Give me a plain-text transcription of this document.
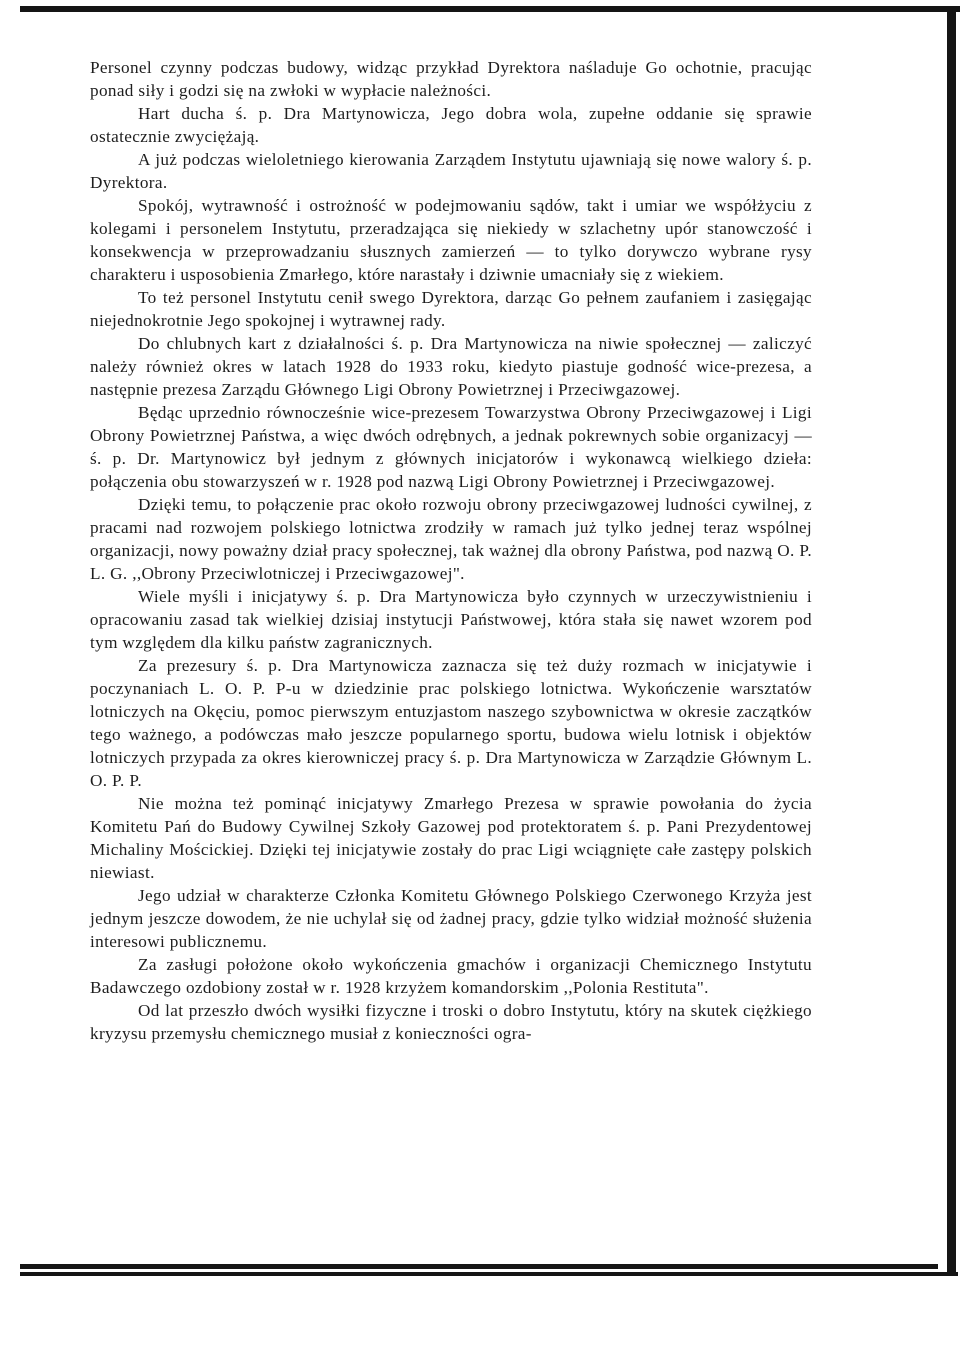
Personel czynny podczas budowy, widząc przykład Dyrektora naśladuje Go ochotnie, pracując ponad siły i godzi się na zwłoki w wypłacie należności.

Hart ducha ś. p. Dra Martynowicza, Jego dobra wola, zupełne oddanie się sprawie ostatecznie zwyciężają.

A już podczas wieloletniego kierowania Zarządem Instytutu ujawniają się nowe walory ś. p. Dyrektora.

Spokój, wytrawność i ostrożność w podejmowaniu sądów, takt i umiar we współżyciu z kolegami i personelem Instytutu, przeradzająca się niekiedy w szlachetny upór stanowczość i konsekwencja w przeprowadzaniu słusznych zamierzeń — to tylko dorywczo wybrane rysy charakteru i usposobienia Zmarłego, które narastały i dziwnie umacniały się z wiekiem.

To też personel Instytutu cenił swego Dyrektora, darząc Go pełnem zaufaniem i zasięgając niejednokrotnie Jego spokojnej i wytrawnej rady.

Do chlubnych kart z działalności ś. p. Dra Martynowicza na niwie społecznej — zaliczyć należy również okres w latach 1928 do 1933 roku, kiedyto piastuje godność wice-prezesa, a następnie prezesa Zarządu Głównego Ligi Obrony Powietrznej i Przeciwgazowej.

Będąc uprzednio równocześnie wice-prezesem Towarzystwa Obrony Przeciwgazowej i Ligi Obrony Powietrznej Państwa, a więc dwóch odrębnych, a jednak pokrewnych sobie organizacyj — ś. p. Dr. Martynowicz był jednym z głównych inicjatorów i wykonawcą wielkiego dzieła: połączenia obu stowarzyszeń w r. 1928 pod nazwą Ligi Obrony Powietrznej i Przeciwgazowej.

Dzięki temu, to połączenie prac około rozwoju obrony przeciwgazowej ludności cywilnej, z pracami nad rozwojem polskiego lotnictwa zrodziły w ramach już tylko jednej teraz wspólnej organizacji, nowy poważny dział pracy społecznej, tak ważnej dla obrony Państwa, pod nazwą O. P. L. G. ,,Obrony Przeciwlotniczej i Przeciwgazowej".

Wiele myśli i inicjatywy ś. p. Dra Martynowicza było czynnych w urzeczywistnieniu i opracowaniu zasad tak wielkiej dzisiaj instytucji Państwowej, która stała się nawet wzorem pod tym względem dla kilku państw zagranicznych.

Za prezesury ś. p. Dra Martynowicza zaznacza się też duży rozmach w inicjatywie i poczynaniach L. O. P. P-u w dziedzinie prac polskiego lotnictwa. Wykończenie warsztatów lotniczych na Okęciu, pomoc pierwszym entuzjastom naszego szybownictwa w okresie zaczątków tego ważnego, a podówczas mało jeszcze popularnego sportu, budowa wielu lotnisk i objektów lotniczych przypada za okres kierowniczej pracy ś. p. Dra Martynowicza w Zarządzie Głównym L. O. P. P.

Nie można też pominąć inicjatywy Zmarłego Prezesa w sprawie powołania do życia Komitetu Pań do Budowy Cywilnej Szkoły Gazowej pod protektoratem ś. p. Pani Prezydentowej Michaliny Mościckiej. Dzięki tej inicjatywie zostały do prac Ligi wciągnięte całe zastępy polskich niewiast.

Jego udział w charakterze Członka Komitetu Głównego Polskiego Czerwonego Krzyża jest jednym jeszcze dowodem, że nie uchylał się od żadnej pracy, gdzie tylko widział możność służenia interesowi publicznemu.

Za zasługi położone około wykończenia gmachów i organizacji Chemicznego Instytutu Badawczego ozdobiony został w r. 1928 krzyżem komandorskim ,,Polonia Restituta".

Od lat przeszło dwóch wysiłki fizyczne i troski o dobro Instytutu, który na skutek ciężkiego kryzysu przemysłu chemicznego musiał z konieczności ogra-
